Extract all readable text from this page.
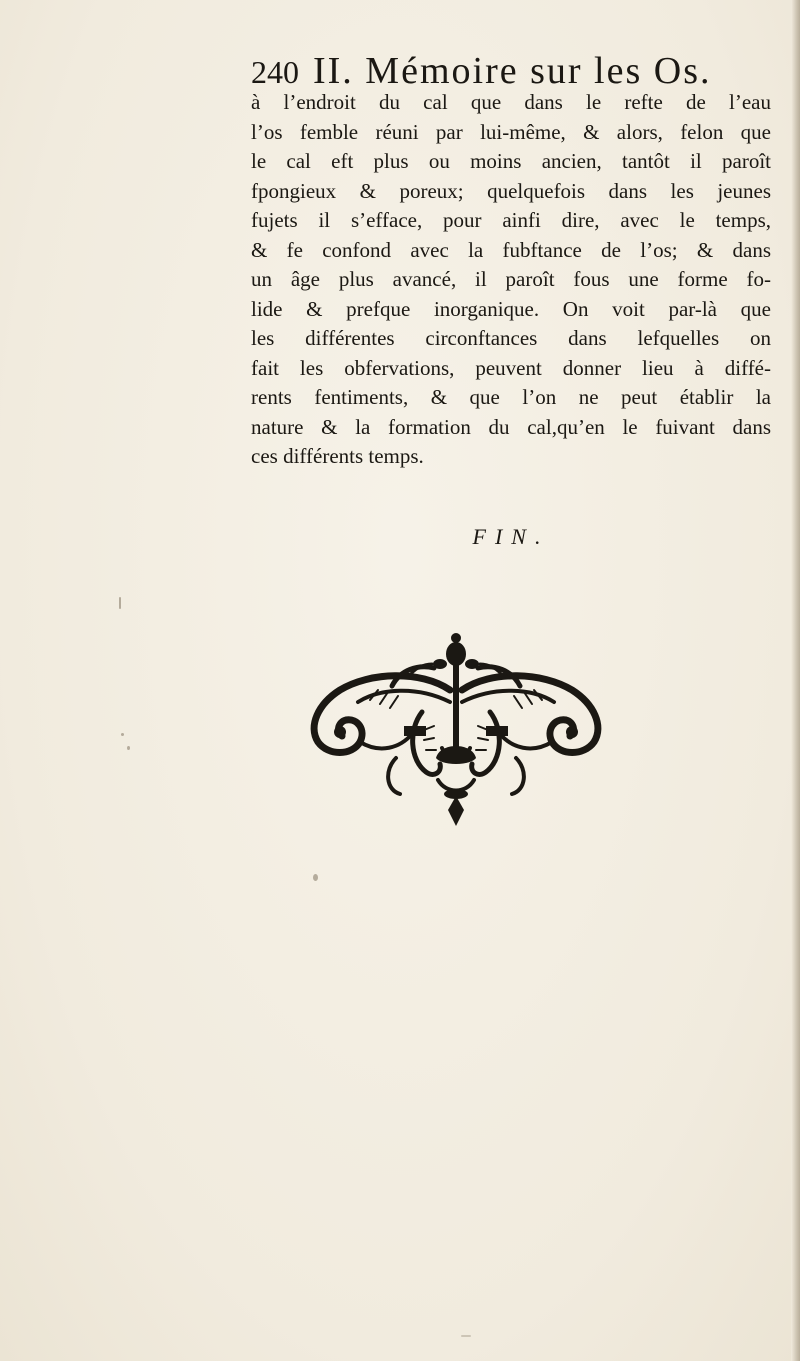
240 II. Mémoire sur les Os.
à l’endroit du cal que dans le refte de l’eau
l’os femble réuni par lui-même, & alors, felon que
le cal eft plus ou moins ancien, tantôt il paroît
fpongieux & poreux; quelquefois dans les jeunes
fujets il s’efface, pour ainfi dire, avec le temps,
& fe confond avec la fubftance de l’os; & dans
un âge plus avancé, il paroît fous une forme fo-
lide & prefque inorganique. On voit par-là que
les différentes circonftances dans lefquelles on
fait les obfervations, peuvent donner lieu à diffé-
rents fentiments, & que l’on ne peut établir la
nature & la formation du cal,qu’en le fuivant dans
ces différents temps.
FIN.
